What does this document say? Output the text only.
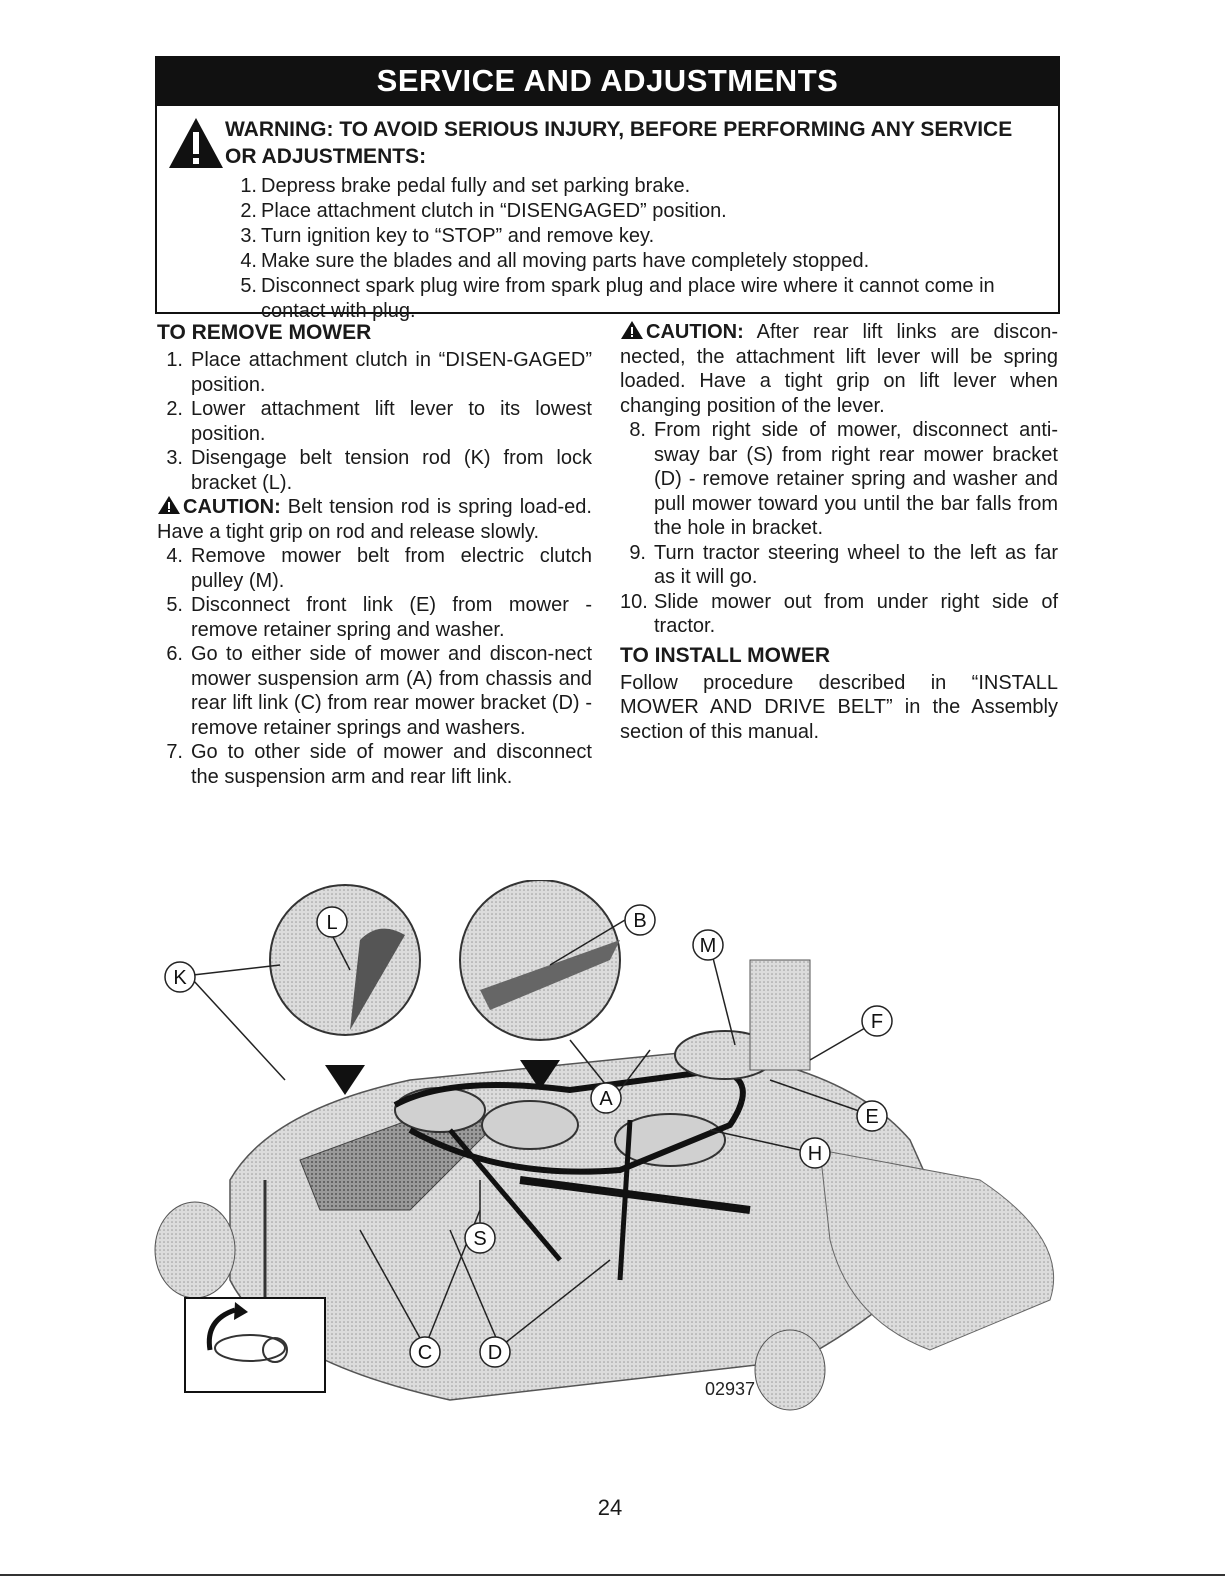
SERVICE AND ADJUSTMENTS
WARNING: TO AVOID SERIOUS INJURY, BEFORE PERFORMING ANY SERVICE OR ADJUSTMENTS:
1. Depress brake pedal fully and set parking brake.
2. Place attachment clutch in “DISENGAGED” position.
3. Turn ignition key to “STOP” and remove key.
4. Make sure the blades and all moving parts have completely stopped.
5. Disconnect spark plug wire from spark plug and place wire where it cannot come in contact with plug.
TO REMOVE MOWER
1. Place attachment clutch in “DISEN-GAGED” position.
2. Lower attachment lift lever to its lowest position.
3. Disengage belt tension rod (K) from lock bracket (L).
CAUTION: Belt tension rod is spring load-ed. Have a tight grip on rod and release slowly.
4. Remove mower belt from electric clutch pulley (M).
5. Disconnect front link (E) from mower - remove retainer spring and washer.
6. Go to either side of mower and discon-nect mower suspension arm (A) from chassis and rear lift link (C) from rear mower bracket (D) - remove retainer springs and washers.
7. Go to other side of mower and disconnect the suspension arm and rear lift link.
CAUTION: After rear lift links are discon-nected, the attachment lift lever will be spring loaded. Have a tight grip on lift lever when changing position of the lever.
8. From right side of mower, disconnect anti-sway bar (S) from right rear mower bracket (D) - remove retainer spring and washer and pull mower toward you until the bar falls from the hole in bracket.
9. Turn tractor steering wheel to the left as far as it will go.
10. Slide mower out from under right side of tractor.
TO INSTALL MOWER

Follow procedure described in “INSTALL MOWER AND DRIVE BELT” in the Assembly section of this manual.

K
L	B
M
F
A
E
H
S
C	D
02937
24
